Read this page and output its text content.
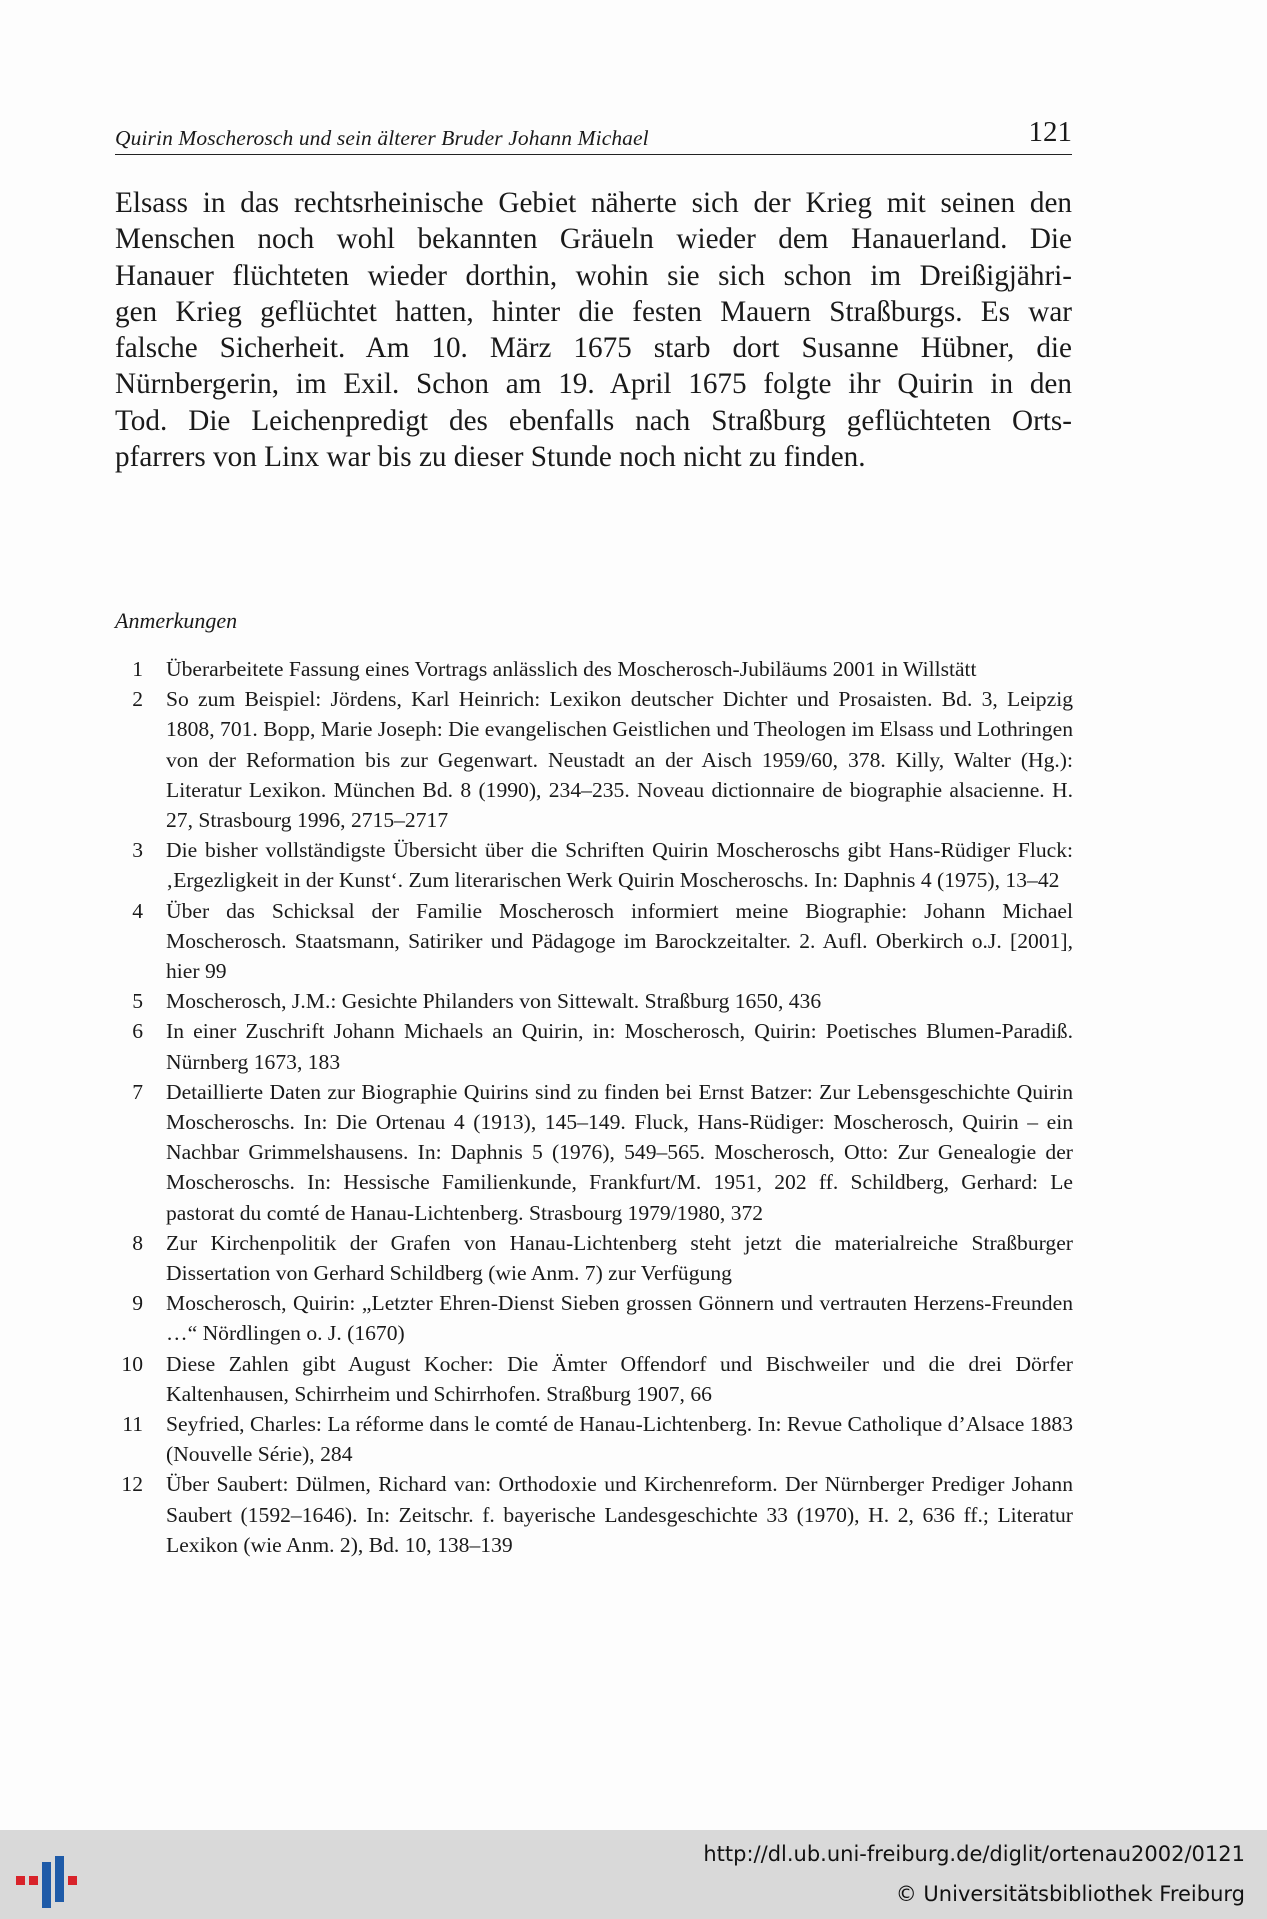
Quirin Moscherosch und sein älterer Bruder Johann Michael	121
Elsass in das rechtsrheinische Gebiet näherte sich der Krieg mit seinen den
Menschen noch wohl bekannten Gräueln wieder dem Hanauerland. Die
Hanauer flüchteten wieder dorthin, wohin sie sich schon im Dreißigjähri-
gen Krieg geflüchtet hatten, hinter die festen Mauern Straßburgs. Es war
falsche Sicherheit. Am 10. März 1675 starb dort Susanne Hübner, die
Nürnbergerin, im Exil. Schon am 19. April 1675 folgte ihr Quirin in den
Tod. Die Leichenpredigt des ebenfalls nach Straßburg geflüchteten Orts-
pfarrers von Linx war bis zu dieser Stunde noch nicht zu finden.
Anmerkungen

1 Überarbeitete Fassung eines Vortrags anlässlich des Moscherosch-Jubiläums 2001 in Willstätt

2 So zum Beispiel: Jördens, Karl Heinrich: Lexikon deutscher Dichter und Prosaisten. Bd. 3, Leipzig 1808, 701. Bopp, Marie Joseph: Die evangelischen Geistlichen und Theologen im Elsass und Lothringen von der Reformation bis zur Gegenwart. Neustadt an der Aisch 1959/60, 378. Killy, Walter (Hg.): Literatur Lexikon. München Bd. 8 (1990), 234–235. Noveau dictionnaire de biographie alsacienne. H. 27, Strasbourg 1996, 2715–2717

3 Die bisher vollständigste Übersicht über die Schriften Quirin Moscheroschs gibt Hans-Rüdiger Fluck: ‚Ergezligkeit in der Kunst‘. Zum literarischen Werk Quirin Moscheroschs. In: Daphnis 4 (1975), 13–42

4 Über das Schicksal der Familie Moscherosch informiert meine Biographie: Johann Michael Moscherosch. Staatsmann, Satiriker und Pädagoge im Barockzeitalter. 2. Aufl. Oberkirch o.J. [2001], hier 99

5 Moscherosch, J.M.: Gesichte Philanders von Sittewalt. Straßburg 1650, 436

6 In einer Zuschrift Johann Michaels an Quirin, in: Moscherosch, Quirin: Poetisches Blumen-Paradiß. Nürnberg 1673, 183

7 Detaillierte Daten zur Biographie Quirins sind zu finden bei Ernst Batzer: Zur Lebensgeschichte Quirin Moscheroschs. In: Die Ortenau 4 (1913), 145–149. Fluck, Hans-Rüdiger: Moscherosch, Quirin – ein Nachbar Grimmelshausens. In: Daphnis 5 (1976), 549–565. Moscherosch, Otto: Zur Genealogie der Moscheroschs. In: Hessische Familienkunde, Frankfurt/M. 1951, 202 ff. Schildberg, Gerhard: Le pastorat du comté de Hanau-Lichtenberg. Strasbourg 1979/1980, 372

8 Zur Kirchenpolitik der Grafen von Hanau-Lichtenberg steht jetzt die materialreiche Straßburger Dissertation von Gerhard Schildberg (wie Anm. 7) zur Verfügung

9 Moscherosch, Quirin: „Letzter Ehren-Dienst Sieben grossen Gönnern und vertrauten Herzens-Freunden …“ Nördlingen o. J. (1670)

10 Diese Zahlen gibt August Kocher: Die Ämter Offendorf und Bischweiler und die drei Dörfer Kaltenhausen, Schirrheim und Schirrhofen. Straßburg 1907, 66

11 Seyfried, Charles: La réforme dans le comté de Hanau-Lichtenberg. In: Revue Catholique d’Alsace 1883 (Nouvelle Série), 284

12 Über Saubert: Dülmen, Richard van: Orthodoxie und Kirchenreform. Der Nürnberger Prediger Johann Saubert (1592–1646). In: Zeitschr. f. bayerische Landesgeschichte 33 (1970), H. 2, 636 ff.; Literatur Lexikon (wie Anm. 2), Bd. 10, 138–139

http://dl.ub.uni-freiburg.de/diglit/ortenau2002/0121
© Universitätsbibliothek Freiburg
